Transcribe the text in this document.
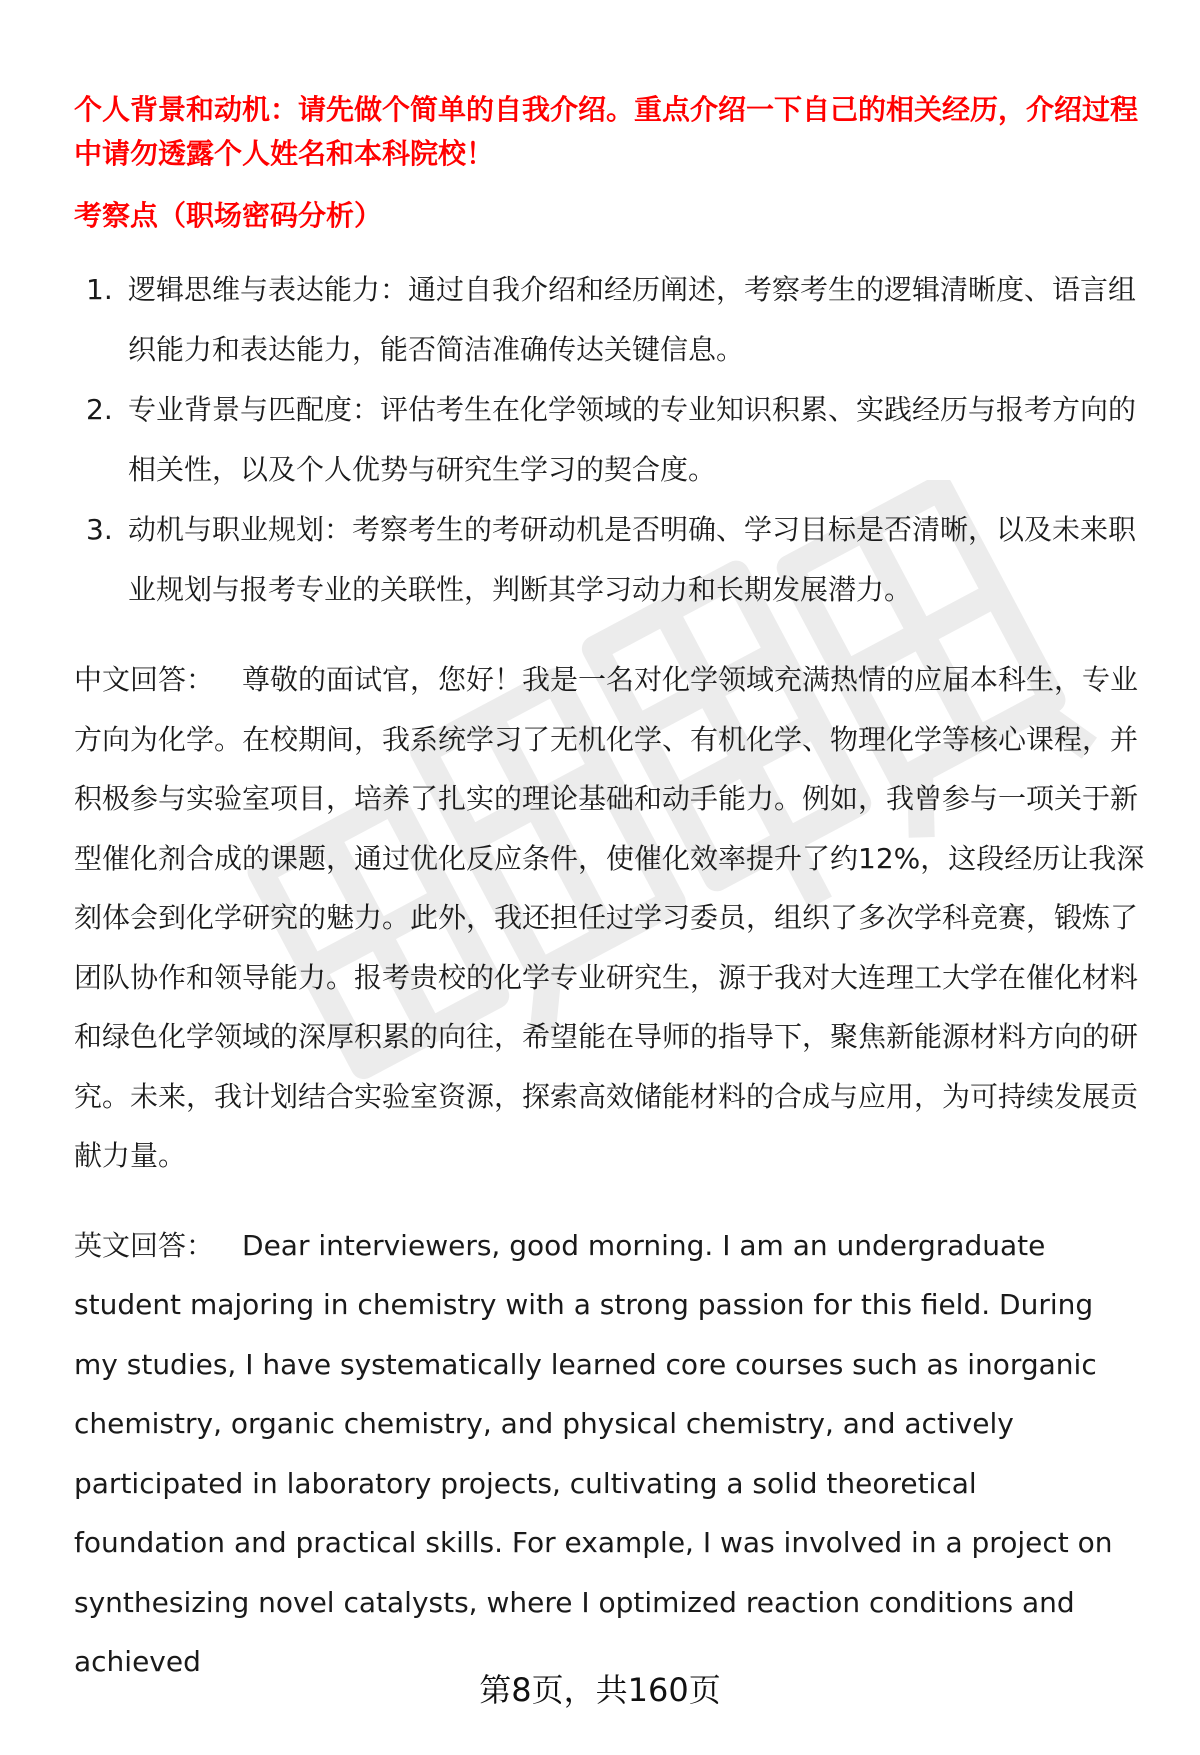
个人背景和动机：请先做个简单的自我介绍。重点介绍一下自己的相关经历，介绍过程中请勿透露个人姓名和本科院校！

考察点（职场密码分析）

1. 逻辑思维与表达能力：通过自我介绍和经历阐述，考察考生的逻辑清晰度、语言组织能力和表达能力，能否简洁准确传达关键信息。
2. 专业背景与匹配度：评估考生在化学领域的专业知识积累、实践经历与报考方向的相关性，以及个人优势与研究生学习的契合度。
3. 动机与职业规划：考察考生的考研动机是否明确、学习目标是否清晰，以及未来职业规划与报考专业的关联性，判断其学习动力和长期发展潜力。

中文回答： 尊敬的面试官，您好！我是一名对化学领域充满热情的应届本科生，专业方向为化学。在校期间，我系统学习了无机化学、有机化学、物理化学等核心课程，并积极参与实验室项目，培养了扎实的理论基础和动手能力。例如，我曾参与一项关于新型催化剂合成的课题，通过优化反应条件，使催化效率提升了约12%，这段经历让我深刻体会到化学研究的魅力。此外，我还担任过学习委员，组织了多次学科竞赛，锻炼了团队协作和领导能力。报考贵校的化学专业研究生，源于我对大连理工大学在催化材料和绿色化学领域的深厚积累的向往，希望能在导师的指导下，聚焦新能源材料方向的研究。未来，我计划结合实验室资源，探索高效储能材料的合成与应用，为可持续发展贡献力量。

英文回答： Dear interviewers, good morning. I am an undergraduate student majoring in chemistry with a strong passion for this field. During my studies, I have systematically learned core courses such as inorganic chemistry, organic chemistry, and physical chemistry, and actively participated in laboratory projects, cultivating a solid theoretical foundation and practical skills. For example, I was involved in a project on synthesizing novel catalysts, where I optimized reaction conditions and achieved

第8页，共160页
